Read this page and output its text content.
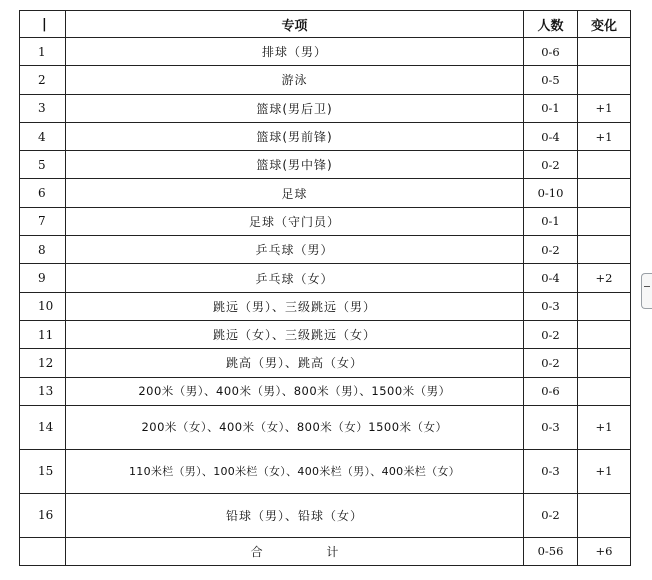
|	专项	人数	变化
1	排球（男）	0-6	
2	游泳	0-5	
3	篮球(男后卫)	0-1	+1
4	篮球(男前锋)	0-4	+1
5	篮球(男中锋)	0-2	
6	足球	0-10	
7	足球（守门员）	0-1	
8	乒乓球（男）	0-2	
9	乒乓球（女）	0-4	+2
10	跳远（男）、三级跳远（男）	0-3	
11	跳远（女）、三级跳远（女）	0-2	
12	跳高（男）、跳高（女）	0-2	
13	200米（男）、400米（男）、800米（男）、1500米（男）	0-6	
14	200米（女）、400米（女）、800米（女）1500米（女）	0-3	+1
15	110米栏（男）、100米栏（女）、400米栏（男）、400米栏（女）	0-3	+1
16	铅球（男）、铅球（女）	0-2	
	合 计	0-56	+6
